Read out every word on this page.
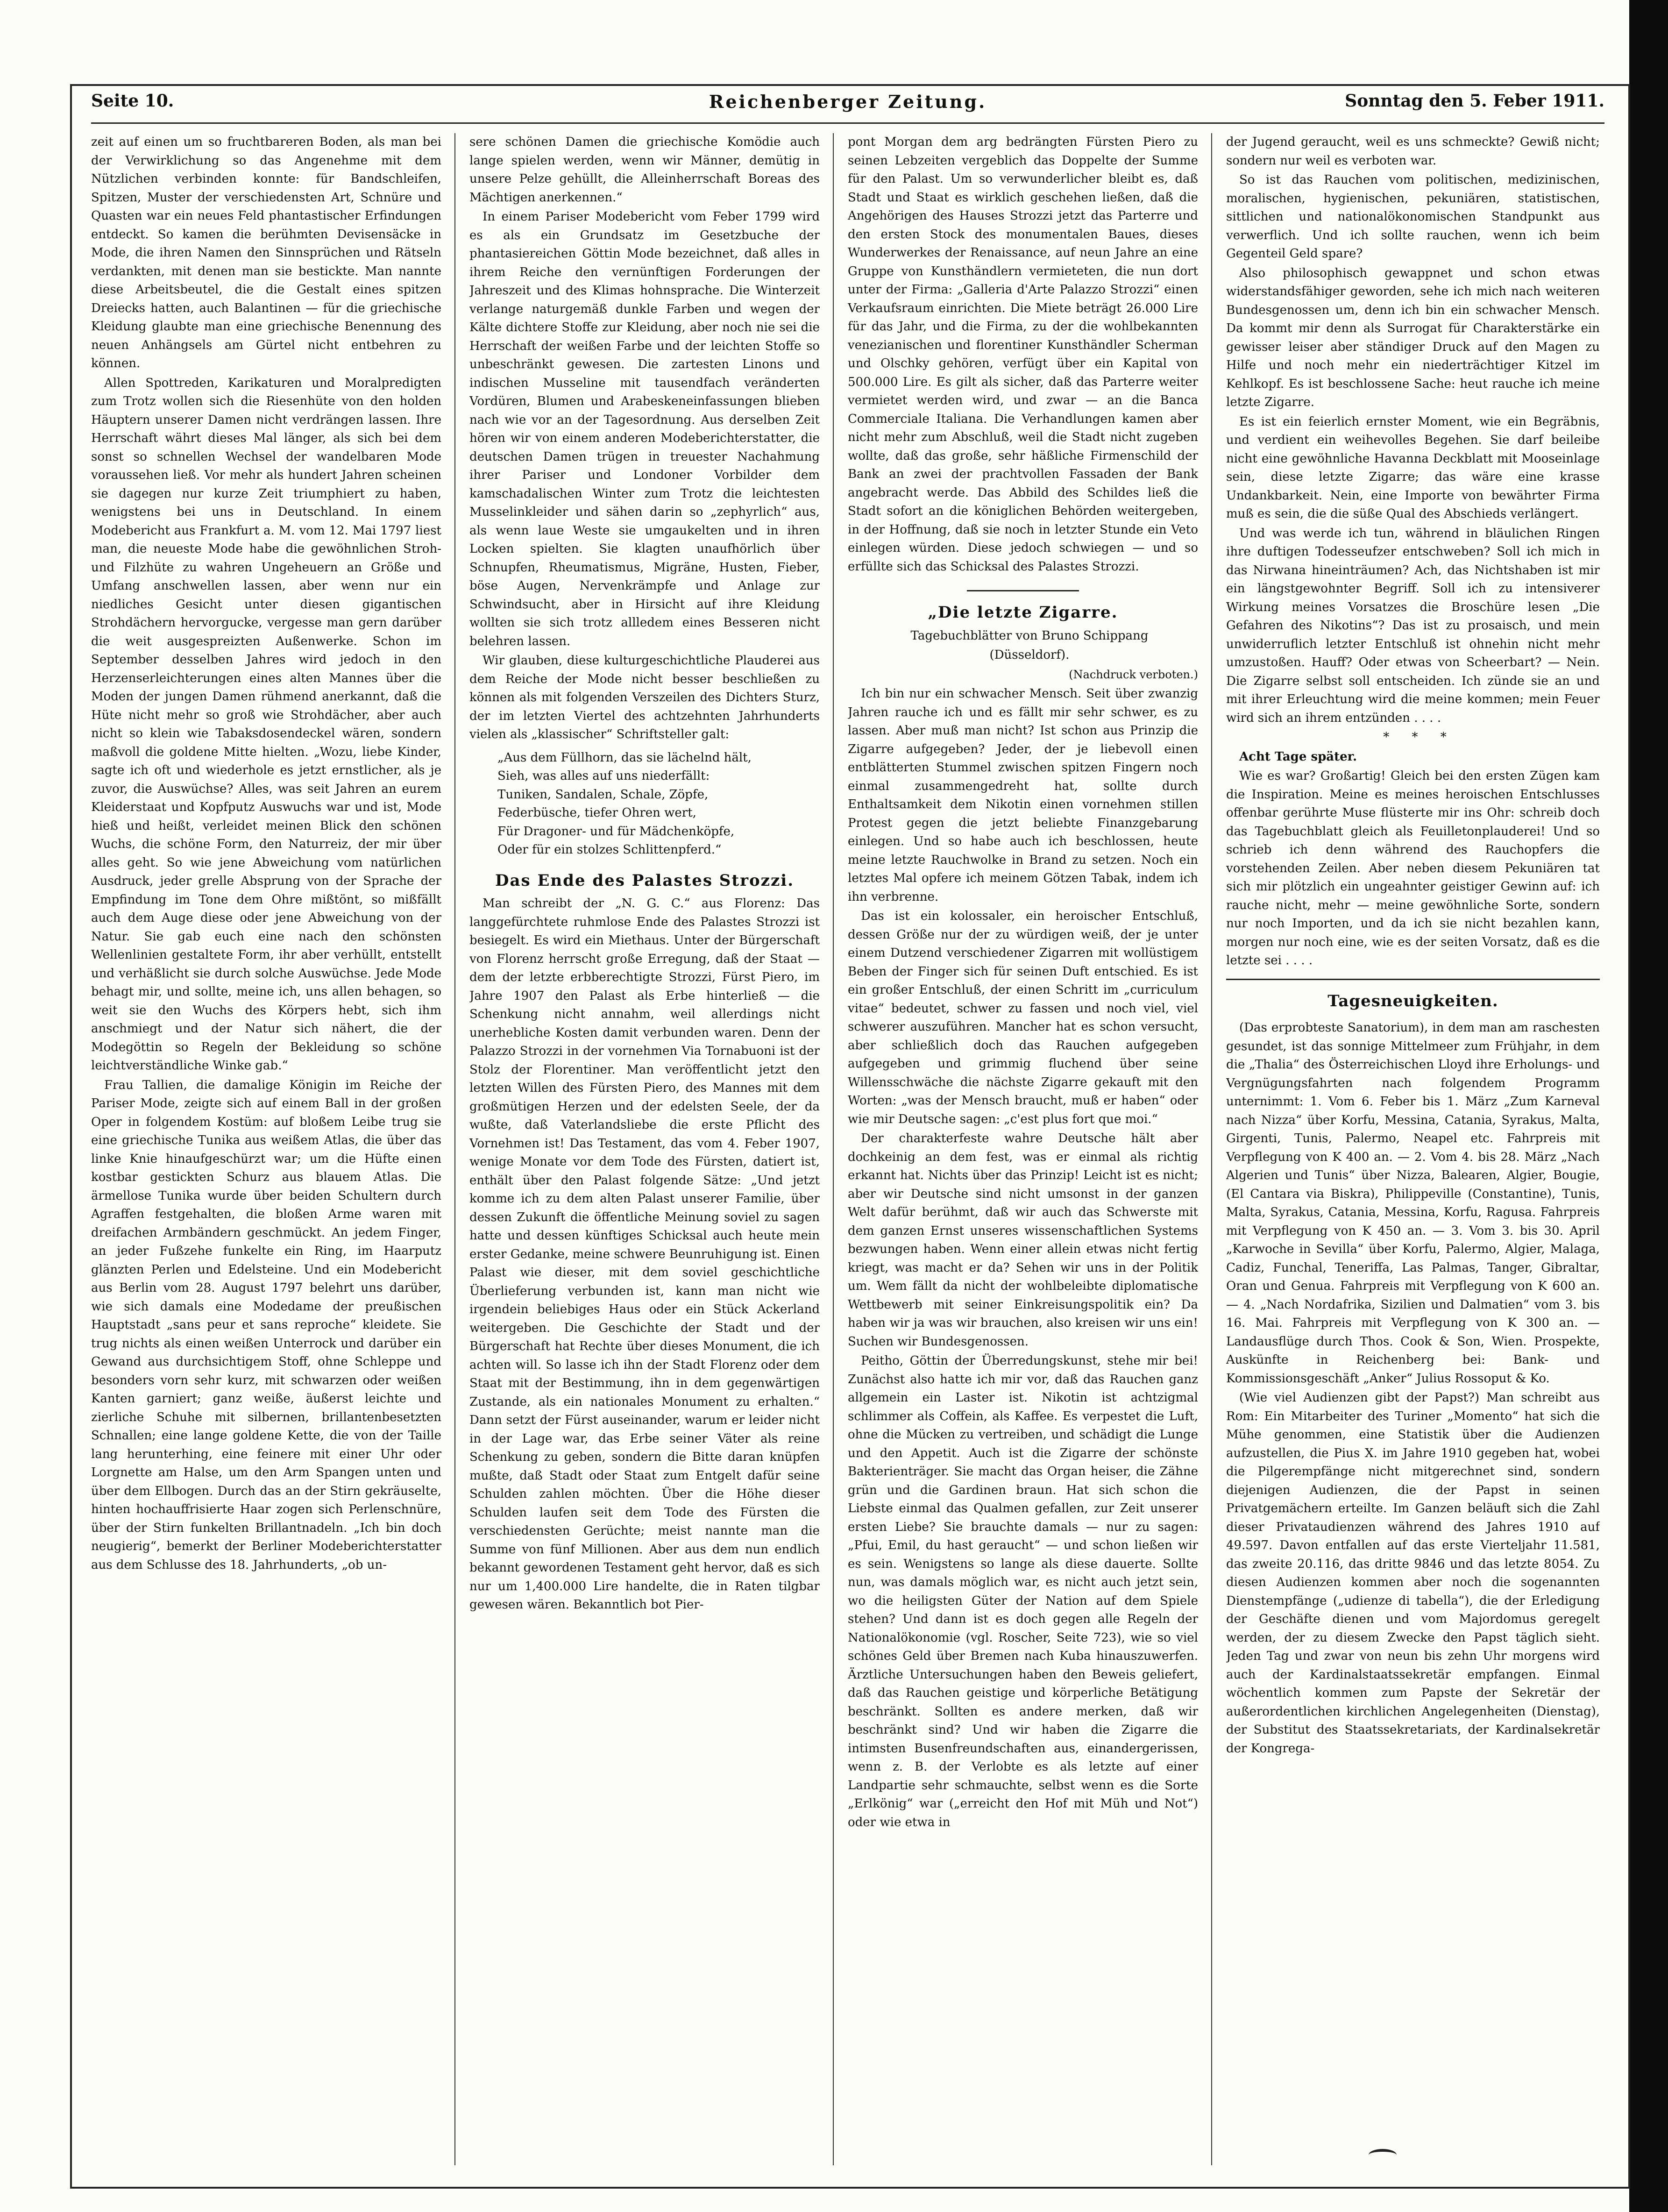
Seite 10.	Reichenberger Zeitung.	Sonntag den 5. Feber 1911.

zeit auf einen um so fruchtbareren Boden, als man bei der Verwirklichung so das Angenehme mit dem Nützlichen verbinden konnte: für Bandschleifen, Spitzen, Muster der verschiedensten Art, Schnüre und Quasten war ein neues Feld phantastischer Erfindungen entdeckt. So kamen die berühmten Devisensäcke in Mode, die ihren Namen den Sinnsprüchen und Rätseln verdankten, mit denen man sie bestickte. Man nannte diese Arbeitsbeutel, die die Gestalt eines spitzen Dreiecks hatten, auch Balantinen — für die griechische Kleidung glaubte man eine griechische Benennung des neuen Anhängsels am Gürtel nicht entbehren zu können.

Allen Spottreden, Karikaturen und Moralpredigten zum Trotz wollen sich die Riesenhüte von den holden Häuptern unserer Damen nicht verdrängen lassen. Ihre Herrschaft währt dieses Mal länger, als sich bei dem sonst so schnellen Wechsel der wandelbaren Mode voraussehen ließ. Vor mehr als hundert Jahren scheinen sie dagegen nur kurze Zeit triumphiert zu haben, wenigstens bei uns in Deutschland. In einem Modebericht aus Frankfurt a. M. vom 12. Mai 1797 liest man, die neueste Mode habe die gewöhnlichen Stroh- und Filzhüte zu wahren Ungeheuern an Größe und Umfang anschwellen lassen, aber wenn nur ein niedliches Gesicht unter diesen gigantischen Strohdächern hervorgucke, vergesse man gern darüber die weit ausgespreizten Außenwerke. Schon im September desselben Jahres wird jedoch in den Herzenserleichterungen eines alten Mannes über die Moden der jungen Damen rühmend anerkannt, daß die Hüte nicht mehr so groß wie Strohdächer, aber auch nicht so klein wie Tabaksdosendeckel wären, sondern maßvoll die goldene Mitte hielten. „Wozu, liebe Kinder, sagte ich oft und wiederhole es jetzt ernstlicher, als je zuvor, die Auswüchse? Alles, was seit Jahren an eurem Kleiderstaat und Kopfputz Auswuchs war und ist, Mode hieß und heißt, verleidet meinen Blick den schönen Wuchs, die schöne Form, den Naturreiz, der mir über alles geht. So wie jene Abweichung vom natürlichen Ausdruck, jeder grelle Absprung von der Sprache der Empfindung im Tone dem Ohre mißtönt, so mißfällt auch dem Auge diese oder jene Abweichung von der Natur. Sie gab euch eine nach den schönsten Wellenlinien gestaltete Form, ihr aber verhüllt, entstellt und verhäßlicht sie durch solche Auswüchse. Jede Mode behagt mir, und sollte, meine ich, uns allen behagen, so weit sie den Wuchs des Körpers hebt, sich ihm anschmiegt und der Natur sich nähert, die der Modegöttin so Regeln der Bekleidung so schöne leichtverständliche Winke gab.“

Frau Tallien, die damalige Königin im Reiche der Pariser Mode, zeigte sich auf einem Ball in der großen Oper in folgendem Kostüm: auf bloßem Leibe trug sie eine griechische Tunika aus weißem Atlas, die über das linke Knie hinaufgeschürzt war; um die Hüfte einen kostbar gestickten Schurz aus blauem Atlas. Die ärmellose Tunika wurde über beiden Schultern durch Agraffen festgehalten, die bloßen Arme waren mit dreifachen Armbändern geschmückt. An jedem Finger, an jeder Fußzehe funkelte ein Ring, im Haarputz glänzten Perlen und Edelsteine. Und ein Modebericht aus Berlin vom 28. August 1797 belehrt uns darüber, wie sich damals eine Modedame der preußischen Hauptstadt „sans peur et sans reproche“ kleidete. Sie trug nichts als einen weißen Unterrock und darüber ein Gewand aus durchsichtigem Stoff, ohne Schleppe und besonders vorn sehr kurz, mit schwarzen oder weißen Kanten garniert; ganz weiße, äußerst leichte und zierliche Schuhe mit silbernen, brillantenbesetzten Schnallen; eine lange goldene Kette, die von der Taille lang herunterhing, eine feinere mit einer Uhr oder Lorgnette am Halse, um den Arm Spangen unten und über dem Ellbogen. Durch das an der Stirn gekräuselte, hinten hochauffrisierte Haar zogen sich Perlenschnüre, über der Stirn funkelten Brillantnadeln. „Ich bin doch neugierig“, bemerkt der Berliner Modeberichterstatter aus dem Schlusse des 18. Jahrhunderts, „ob un-

sere schönen Damen die griechische Komödie auch lange spielen werden, wenn wir Männer, demütig in unsere Pelze gehüllt, die Alleinherrschaft Boreas des Mächtigen anerkennen.“

In einem Pariser Modebericht vom Feber 1799 wird es als ein Grundsatz im Gesetzbuche der phantasiereichen Göttin Mode bezeichnet, daß alles in ihrem Reiche den vernünftigen Forderungen der Jahreszeit und des Klimas hohnsprache. Die Winterzeit verlange naturgemäß dunkle Farben und wegen der Kälte dichtere Stoffe zur Kleidung, aber noch nie sei die Herrschaft der weißen Farbe und der leichten Stoffe so unbeschränkt gewesen. Die zartesten Linons und indischen Musseline mit tausendfach veränderten Vordüren, Blumen und Arabeskeneinfassungen blieben nach wie vor an der Tagesordnung. Aus derselben Zeit hören wir von einem anderen Modeberichterstatter, die deutschen Damen trügen in treuester Nachahmung ihrer Pariser und Londoner Vorbilder dem kamschadalischen Winter zum Trotz die leichtesten Musselinkleider und sähen darin so „zephyrlich“ aus, als wenn laue Weste sie umgaukelten und in ihren Locken spielten. Sie klagten unaufhörlich über Schnupfen, Rheumatismus, Migräne, Husten, Fieber, böse Augen, Nervenkrämpfe und Anlage zur Schwindsucht, aber in Hirsicht auf ihre Kleidung wollten sie sich trotz allledem eines Besseren nicht belehren lassen.

Wir glauben, diese kulturgeschichtliche Plauderei aus dem Reiche der Mode nicht besser beschließen zu können als mit folgenden Verszeilen des Dichters Sturz, der im letzten Viertel des achtzehnten Jahrhunderts vielen als „klassischer“ Schriftsteller galt:

„Aus dem Füllhorn, das sie lächelnd hält,
Sieh, was alles auf uns niederfällt:
Tuniken, Sandalen, Schale, Zöpfe,
Federbüsche, tiefer Ohren wert,
Für Dragoner- und für Mädchenköpfe,
Oder für ein stolzes Schlittenpferd.“
Das Ende des Palastes Strozzi.

Man schreibt der „N. G. C.“ aus Florenz: Das langgefürchtete ruhmlose Ende des Palastes Strozzi ist besiegelt. Es wird ein Miethaus. Unter der Bürgerschaft von Florenz herrscht große Erregung, daß der Staat — dem der letzte erbberechtigte Strozzi, Fürst Piero, im Jahre 1907 den Palast als Erbe hinterließ — die Schenkung nicht annahm, weil allerdings nicht unerhebliche Kosten damit verbunden waren. Denn der Palazzo Strozzi in der vornehmen Via Tornabuoni ist der Stolz der Florentiner. Man veröffentlicht jetzt den letzten Willen des Fürsten Piero, des Mannes mit dem großmütigen Herzen und der edelsten Seele, der da wußte, daß Vaterlandsliebe die erste Pflicht des Vornehmen ist! Das Testament, das vom 4. Feber 1907, wenige Monate vor dem Tode des Fürsten, datiert ist, enthält über den Palast folgende Sätze: „Und jetzt komme ich zu dem alten Palast unserer Familie, über dessen Zukunft die öffentliche Meinung soviel zu sagen hatte und dessen künftiges Schicksal auch heute mein erster Gedanke, meine schwere Beunruhigung ist. Einen Palast wie dieser, mit dem soviel geschichtliche Überlieferung verbunden ist, kann man nicht wie irgendein beliebiges Haus oder ein Stück Ackerland weitergeben. Die Geschichte der Stadt und der Bürgerschaft hat Rechte über dieses Monument, die ich achten will. So lasse ich ihn der Stadt Florenz oder dem Staat mit der Bestimmung, ihn in dem gegenwärtigen Zustande, als ein nationales Monument zu erhalten.“ Dann setzt der Fürst auseinander, warum er leider nicht in der Lage war, das Erbe seiner Väter als reine Schenkung zu geben, sondern die Bitte daran knüpfen mußte, daß Stadt oder Staat zum Entgelt dafür seine Schulden zahlen möchten. Über die Höhe dieser Schulden laufen seit dem Tode des Fürsten die verschiedensten Gerüchte; meist nannte man die Summe von fünf Millionen. Aber aus dem nun endlich bekannt gewordenen Testament geht hervor, daß es sich nur um 1,400.000 Lire handelte, die in Raten tilgbar gewesen wären. Bekanntlich bot Pier-

pont Morgan dem arg bedrängten Fürsten Piero zu seinen Lebzeiten vergeblich das Doppelte der Summe für den Palast. Um so verwunderlicher bleibt es, daß Stadt und Staat es wirklich geschehen ließen, daß die Angehörigen des Hauses Strozzi jetzt das Parterre und den ersten Stock des monumentalen Baues, dieses Wunderwerkes der Renaissance, auf neun Jahre an eine Gruppe von Kunsthändlern vermieteten, die nun dort unter der Firma: „Galleria d'Arte Palazzo Strozzi“ einen Verkaufsraum einrichten. Die Miete beträgt 26.000 Lire für das Jahr, und die Firma, zu der die wohlbekannten venezianischen und florentiner Kunsthändler Scherman und Olschky gehören, verfügt über ein Kapital von 500.000 Lire. Es gilt als sicher, daß das Parterre weiter vermietet werden wird, und zwar — an die Banca Commerciale Italiana. Die Verhandlungen kamen aber nicht mehr zum Abschluß, weil die Stadt nicht zugeben wollte, daß das große, sehr häßliche Firmenschild der Bank an zwei der prachtvollen Fassaden der Bank angebracht werde. Das Abbild des Schildes ließ die Stadt sofort an die königlichen Behörden weitergeben, in der Hoffnung, daß sie noch in letzter Stunde ein Veto einlegen würden. Diese jedoch schwiegen — und so erfüllte sich das Schicksal des Palastes Strozzi.

„Die letzte Zigarre.

Tagebuchblätter von Bruno Schippang

(Düsseldorf).

(Nachdruck verboten.)

Ich bin nur ein schwacher Mensch. Seit über zwanzig Jahren rauche ich und es fällt mir sehr schwer, es zu lassen. Aber muß man nicht? Ist schon aus Prinzip die Zigarre aufgegeben? Jeder, der je liebevoll einen entblätterten Stummel zwischen spitzen Fingern noch einmal zusammengedreht hat, sollte durch Enthaltsamkeit dem Nikotin einen vornehmen stillen Protest gegen die jetzt beliebte Finanzgebarung einlegen. Und so habe auch ich beschlossen, heute meine letzte Rauchwolke in Brand zu setzen. Noch ein letztes Mal opfere ich meinem Götzen Tabak, indem ich ihn verbrenne.

Das ist ein kolossaler, ein heroischer Entschluß, dessen Größe nur der zu würdigen weiß, der je unter einem Dutzend verschiedener Zigarren mit wollüstigem Beben der Finger sich für seinen Duft entschied. Es ist ein großer Entschluß, der einen Schritt im „curriculum vitae“ bedeutet, schwer zu fassen und noch viel, viel schwerer auszuführen. Mancher hat es schon versucht, aber schließlich doch das Rauchen aufgegeben aufgegeben und grimmig fluchend über seine Willensschwäche die nächste Zigarre gekauft mit den Worten: „was der Mensch braucht, muß er haben“ oder wie mir Deutsche sagen: „c'est plus fort que moi.“

Der charakterfeste wahre Deutsche hält aber dochkeinig an dem fest, was er einmal als richtig erkannt hat. Nichts über das Prinzip! Leicht ist es nicht; aber wir Deutsche sind nicht umsonst in der ganzen Welt dafür berühmt, daß wir auch das Schwerste mit dem ganzen Ernst unseres wissenschaftlichen Systems bezwungen haben. Wenn einer allein etwas nicht fertig kriegt, was macht er da? Sehen wir uns in der Politik um. Wem fällt da nicht der wohlbeleibte diplomatische Wettbewerb mit seiner Einkreisungspolitik ein? Da haben wir ja was wir brauchen, also kreisen wir uns ein! Suchen wir Bundesgenossen.

Peitho, Göttin der Überredungskunst, stehe mir bei! Zunächst also hatte ich mir vor, daß das Rauchen ganz allgemein ein Laster ist. Nikotin ist achtzigmal schlimmer als Coffein, als Kaffee. Es verpestet die Luft, ohne die Mücken zu vertreiben, und schädigt die Lunge und den Appetit. Auch ist die Zigarre der schönste Bakterienträger. Sie macht das Organ heiser, die Zähne grün und die Gardinen braun. Hat sich schon die Liebste einmal das Qualmen gefallen, zur Zeit unserer ersten Liebe? Sie brauchte damals — nur zu sagen: „Pfui, Emil, du hast geraucht“ — und schon ließen wir es sein. Wenigstens so lange als diese dauerte. Sollte nun, was damals möglich war, es nicht auch jetzt sein, wo die heiligsten Güter der Nation auf dem Spiele stehen? Und dann ist es doch gegen alle Regeln der Nationalökonomie (vgl. Roscher, Seite 723), wie so viel schönes Geld über Bremen nach Kuba hinauszuwerfen. Ärztliche Untersuchungen haben den Beweis geliefert, daß das Rauchen geistige und körperliche Betätigung beschränkt. Sollten es andere merken, daß wir beschränkt sind? Und wir haben die Zigarre die intimsten Busenfreundschaften aus, einandergerissen, wenn z. B. der Verlobte es als letzte auf einer Landpartie sehr schmauchte, selbst wenn es die Sorte „Erlkönig“ war („erreicht den Hof mit Müh und Not“) oder wie etwa in

der Jugend geraucht, weil es uns schmeckte? Gewiß nicht; sondern nur weil es verboten war.

So ist das Rauchen vom politischen, medizinischen, moralischen, hygienischen, pekuniären, statistischen, sittlichen und nationalökonomischen Standpunkt aus verwerflich. Und ich sollte rauchen, wenn ich beim Gegenteil Geld spare?

Also philosophisch gewappnet und schon etwas widerstandsfähiger geworden, sehe ich mich nach weiteren Bundesgenossen um, denn ich bin ein schwacher Mensch. Da kommt mir denn als Surrogat für Charakterstärke ein gewisser leiser aber ständiger Druck auf den Magen zu Hilfe und noch mehr ein niederträchtiger Kitzel im Kehlkopf. Es ist beschlossene Sache: heut rauche ich meine letzte Zigarre.

Es ist ein feierlich ernster Moment, wie ein Begräbnis, und verdient ein weihevolles Begehen. Sie darf beileibe nicht eine gewöhnliche Havanna Deckblatt mit Mooseinlage sein, diese letzte Zigarre; das wäre eine krasse Undankbarkeit. Nein, eine Importe von bewährter Firma muß es sein, die die süße Qual des Abschieds verlängert.

Und was werde ich tun, während in bläulichen Ringen ihre duftigen Todesseufzer entschweben? Soll ich mich in das Nirwana hineinträumen? Ach, das Nichtshaben ist mir ein längstgewohnter Begriff. Soll ich zu intensiverer Wirkung meines Vorsatzes die Broschüre lesen „Die Gefahren des Nikotins“? Das ist zu prosaisch, und mein unwiderruflich letzter Entschluß ist ohnehin nicht mehr umzustoßen. Hauff? Oder etwas von Scheerbart? — Nein. Die Zigarre selbst soll entscheiden. Ich zünde sie an und mit ihrer Erleuchtung wird die meine kommen; mein Feuer wird sich an ihrem entzünden . . . .

* * *

Acht Tage später.

Wie es war? Großartig! Gleich bei den ersten Zügen kam die Inspiration. Meine es meines heroischen Entschlusses offenbar gerührte Muse flüsterte mir ins Ohr: schreib doch das Tagebuchblatt gleich als Feuilletonplauderei! Und so schrieb ich denn während des Rauchopfers die vorstehenden Zeilen. Aber neben diesem Pekuniären tat sich mir plötzlich ein ungeahnter geistiger Gewinn auf: ich rauche nicht, mehr — meine gewöhnliche Sorte, sondern nur noch Importen, und da ich sie nicht bezahlen kann, morgen nur noch eine, wie es der seiten Vorsatz, daß es die letzte sei . . . .

Tagesneuigkeiten.

(Das erprobteste Sanatorium), in dem man am raschesten gesundet, ist das sonnige Mittelmeer zum Frühjahr, in dem die „Thalia“ des Österreichischen Lloyd ihre Erholungs- und Vergnügungsfahrten nach folgendem Programm unternimmt: 1. Vom 6. Feber bis 1. März „Zum Karneval nach Nizza“ über Korfu, Messina, Catania, Syrakus, Malta, Girgenti, Tunis, Palermo, Neapel etc. Fahrpreis mit Verpflegung von K 400 an. — 2. Vom 4. bis 28. März „Nach Algerien und Tunis“ über Nizza, Balearen, Algier, Bougie, (El Cantara via Biskra), Philippeville (Constantine), Tunis, Malta, Syrakus, Catania, Messina, Korfu, Ragusa. Fahrpreis mit Verpflegung von K 450 an. — 3. Vom 3. bis 30. April „Karwoche in Sevilla“ über Korfu, Palermo, Algier, Malaga, Cadiz, Funchal, Teneriffa, Las Palmas, Tanger, Gibraltar, Oran und Genua. Fahrpreis mit Verpflegung von K 600 an. — 4. „Nach Nordafrika, Sizilien und Dalmatien“ vom 3. bis 16. Mai. Fahrpreis mit Verpflegung von K 300 an. — Landausflüge durch Thos. Cook & Son, Wien. Prospekte, Auskünfte in Reichenberg bei: Bank- und Kommissionsgeschäft „Anker“ Julius Rossoput & Ko.

(Wie viel Audienzen gibt der Papst?) Man schreibt aus Rom: Ein Mitarbeiter des Turiner „Momento“ hat sich die Mühe genommen, eine Statistik über die Audienzen aufzustellen, die Pius X. im Jahre 1910 gegeben hat, wobei die Pilgerempfänge nicht mitgerechnet sind, sondern diejenigen Audienzen, die der Papst in seinen Privatgemächern erteilte. Im Ganzen beläuft sich die Zahl dieser Privataudienzen während des Jahres 1910 auf 49.597. Davon entfallen auf das erste Vierteljahr 11.581, das zweite 20.116, das dritte 9846 und das letzte 8054. Zu diesen Audienzen kommen aber noch die sogenannten Dienstempfänge („udienze di tabella“), die der Erledigung der Geschäfte dienen und vom Majordomus geregelt werden, der zu diesem Zwecke den Papst täglich sieht. Jeden Tag und zwar von neun bis zehn Uhr morgens wird auch der Kardinalstaatssekretär empfangen. Einmal wöchentlich kommen zum Papste der Sekretär der außerordentlichen kirchlichen Angelegenheiten (Dienstag), der Substitut des Staatssekretariats, der Kardinalsekretär der Kongrega-
